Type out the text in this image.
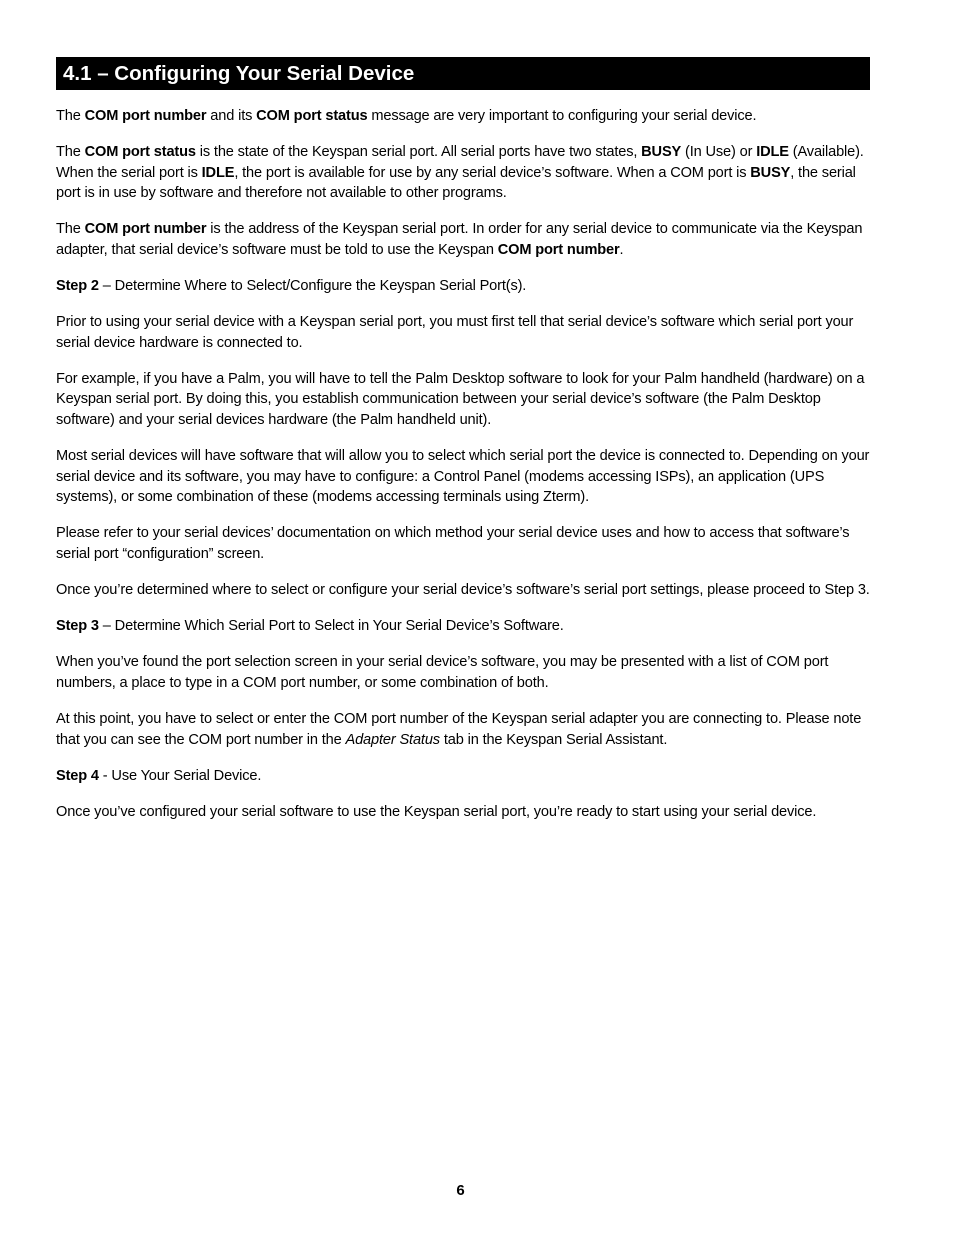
4.1 – Configuring Your Serial Device

The COM port number and its COM port status message are very important to configuring your serial device.

The COM port status is the state of the Keyspan serial port. All serial ports have two states, BUSY (In Use) or IDLE (Available). When the serial port is IDLE, the port is available for use by any serial device’s software. When a COM port is BUSY, the serial port is in use by software and therefore not available to other programs.

The COM port number is the address of the Keyspan serial port. In order for any serial device to communicate via the Keyspan adapter, that serial device’s software must be told to use the Keyspan COM port number.

Step 2 – Determine Where to Select/Configure the Keyspan Serial Port(s).

Prior to using your serial device with a Keyspan serial port, you must first tell that serial device’s software which serial port your serial device hardware is connected to.

For example, if you have a Palm, you will have to tell the Palm Desktop software to look for your Palm handheld (hardware) on a Keyspan serial port. By doing this, you establish communication between your serial device’s software (the Palm Desktop software) and your serial devices hardware (the Palm handheld unit).

Most serial devices will have software that will allow you to select which serial port the device is connected to. Depending on your serial device and its software, you may have to configure: a Control Panel (modems accessing ISPs), an application (UPS systems), or some combination of these (modems accessing terminals using Zterm).

Please refer to your serial devices’ documentation on which method your serial device uses and how to access that software’s serial port “configuration” screen.

Once you’re determined where to select or configure your serial device’s software’s serial port settings, please proceed to Step 3.

Step 3 – Determine Which Serial Port to Select in Your Serial Device’s Software.

When you’ve found the port selection screen in your serial device’s software, you may be presented with a list of COM port numbers, a place to type in a COM port number, or some combination of both.

At this point, you have to select or enter the COM port number of the Keyspan serial adapter you are connecting to. Please note that you can see the COM port number in the Adapter Status tab in the Keyspan Serial Assistant.

Step 4 - Use Your Serial Device.

Once you’ve configured your serial software to use the Keyspan serial port, you’re ready to start using your serial device.

6
